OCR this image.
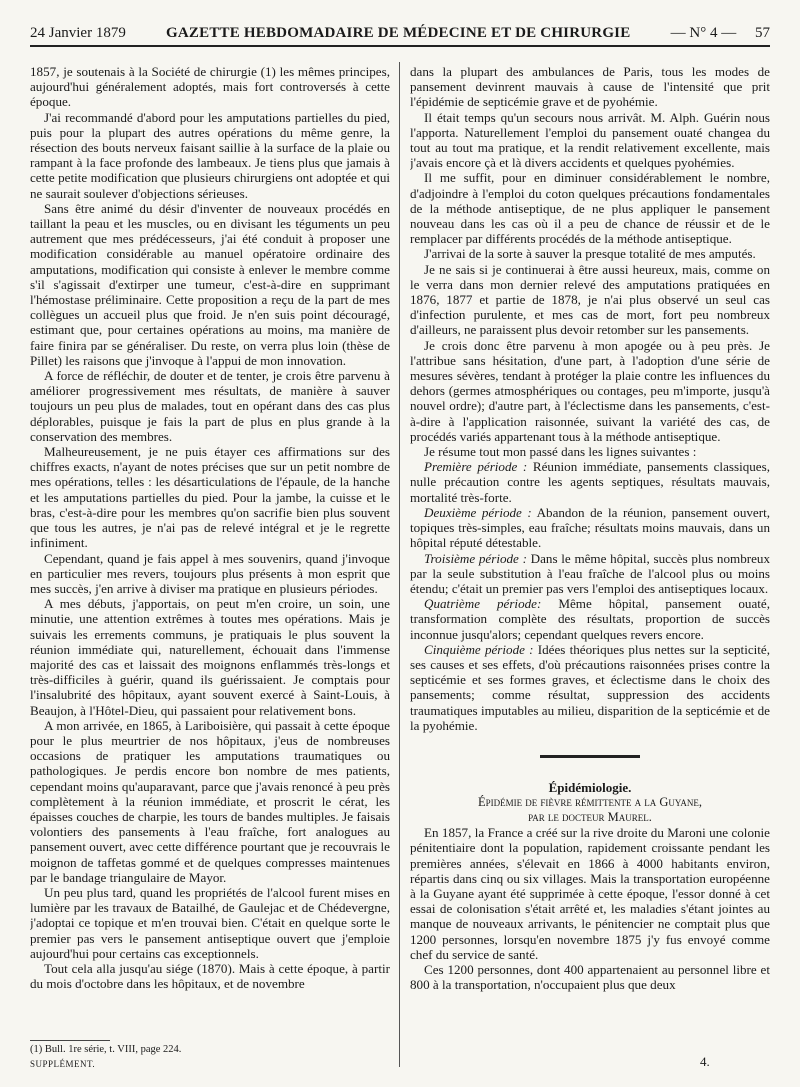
24 Janvier 1879	GAZETTE HEBDOMADAIRE DE MÉDECINE ET DE CHIRURGIE	— N° 4 — 57

1857, je soutenais à la Société de chirurgie (1) les mêmes principes, aujourd'hui généralement adoptés, mais fort controversés à cette époque.

J'ai recommandé d'abord pour les amputations partielles du pied, puis pour la plupart des autres opérations du même genre, la résection des bouts nerveux faisant saillie à la surface de la plaie ou rampant à la face profonde des lambeaux. Je tiens plus que jamais à cette petite modification que plusieurs chirurgiens ont adoptée et qui ne saurait soulever d'objections sérieuses.

Sans être animé du désir d'inventer de nouveaux procédés en taillant la peau et les muscles, ou en divisant les téguments un peu autrement que mes prédécesseurs, j'ai été conduit à proposer une modification considérable au manuel opératoire ordinaire des amputations, modification qui consiste à enlever le membre comme s'il s'agissait d'extirper une tumeur, c'est-à-dire en supprimant l'hémostase préliminaire. Cette proposition a reçu de la part de mes collègues un accueil plus que froid. Je n'en suis point découragé, estimant que, pour certaines opérations au moins, ma manière de faire finira par se généraliser. Du reste, on verra plus loin (thèse de Pillet) les raisons que j'invoque à l'appui de mon innovation.

A force de réfléchir, de douter et de tenter, je crois être parvenu à améliorer progressivement mes résultats, de manière à sauver toujours un peu plus de malades, tout en opérant dans des cas plus déplorables, puisque je fais la part de plus en plus grande à la conservation des membres.

Malheureusement, je ne puis étayer ces affirmations sur des chiffres exacts, n'ayant de notes précises que sur un petit nombre de mes opérations, telles : les désarticulations de l'épaule, de la hanche et les amputations partielles du pied. Pour la jambe, la cuisse et le bras, c'est-à-dire pour les membres qu'on sacrifie bien plus souvent que tous les autres, je n'ai pas de relevé intégral et je le regrette infiniment.

Cependant, quand je fais appel à mes souvenirs, quand j'invoque en particulier mes revers, toujours plus présents à mon esprit que mes succès, j'en arrive à diviser ma pratique en plusieurs périodes.

A mes débuts, j'apportais, on peut m'en croire, un soin, une minutie, une attention extrêmes à toutes mes opérations. Mais je suivais les errements communs, je pratiquais le plus souvent la réunion immédiate qui, naturellement, échouait dans l'immense majorité des cas et laissait des moignons enflammés très-longs et très-difficiles à guérir, quand ils guérissaient. Je comptais pour l'insalubrité des hôpitaux, ayant souvent exercé à Saint-Louis, à Beaujon, à l'Hôtel-Dieu, qui passaient pour relativement bons.

A mon arrivée, en 1865, à Lariboisière, qui passait à cette époque pour le plus meurtrier de nos hôpitaux, j'eus de nombreuses occasions de pratiquer les amputations traumatiques ou pathologiques. Je perdis encore bon nombre de mes patients, cependant moins qu'auparavant, parce que j'avais renoncé à peu près complètement à la réunion immédiate, et proscrit le cérat, les épaisses couches de charpie, les tours de bandes multiples. Je faisais volontiers des pansements à l'eau fraîche, fort analogues au pansement ouvert, avec cette différence pourtant que je recouvrais le moignon de taffetas gommé et de quelques compresses maintenues par le bandage triangulaire de Mayor.

Un peu plus tard, quand les propriétés de l'alcool furent mises en lumière par les travaux de Batailhé, de Gaulejac et de Chédevergne, j'adoptai ce topique et m'en trouvai bien. C'était en quelque sorte le premier pas vers le pansement antiseptique ouvert que j'emploie aujourd'hui pour certains cas exceptionnels.

Tout cela alla jusqu'au siége (1870). Mais à cette époque, à partir du mois d'octobre dans les hôpitaux, et de novembre

dans la plupart des ambulances de Paris, tous les modes de pansement devinrent mauvais à cause de l'intensité que prit l'épidémie de septicémie grave et de pyohémie.

Il était temps qu'un secours nous arrivât. M. Alph. Guérin nous l'apporta. Naturellement l'emploi du pansement ouaté changea du tout au tout ma pratique, et la rendit relativement excellente, mais j'avais encore çà et là divers accidents et quelques pyohémies.

Il me suffit, pour en diminuer considérablement le nombre, d'adjoindre à l'emploi du coton quelques précautions fondamentales de la méthode antiseptique, de ne plus appliquer le pansement nouveau dans les cas où il a peu de chance de réussir et de le remplacer par différents procédés de la méthode antiseptique.

J'arrivai de la sorte à sauver la presque totalité de mes amputés.

Je ne sais si je continuerai à être aussi heureux, mais, comme on le verra dans mon dernier relevé des amputations pratiquées en 1876, 1877 et partie de 1878, je n'ai plus observé un seul cas d'infection purulente, et mes cas de mort, fort peu nombreux d'ailleurs, ne paraissent plus devoir retomber sur les pansements.

Je crois donc être parvenu à mon apogée ou à peu près. Je l'attribue sans hésitation, d'une part, à l'adoption d'une série de mesures sévères, tendant à protéger la plaie contre les influences du dehors (germes atmosphériques ou contages, peu m'importe, jusqu'à nouvel ordre); d'autre part, à l'éclectisme dans les pansements, c'est-à-dire à l'application raisonnée, suivant la variété des cas, de procédés variés appartenant tous à la méthode antiseptique.

Je résume tout mon passé dans les lignes suivantes :

Première période : Réunion immédiate, pansements classiques, nulle précaution contre les agents septiques, résultats mauvais, mortalité très-forte.

Deuxième période : Abandon de la réunion, pansement ouvert, topiques très-simples, eau fraîche; résultats moins mauvais, dans un hôpital réputé détestable.

Troisième période : Dans le même hôpital, succès plus nombreux par la seule substitution à l'eau fraîche de l'alcool plus ou moins étendu; c'était un premier pas vers l'emploi des antiseptiques locaux.

Quatrième période: Même hôpital, pansement ouaté, transformation complète des résultats, proportion de succès inconnue jusqu'alors; cependant quelques revers encore.

Cinquième période : Idées théoriques plus nettes sur la septicité, ses causes et ses effets, d'où précautions raisonnées prises contre la septicémie et ses formes graves, et éclectisme dans le choix des pansements; comme résultat, suppression des accidents traumatiques imputables au milieu, disparition de la septicémie et de la pyohémie.

Épidémiologie.

Épidémie de fièvre rémittente a la Guyane,

par le docteur Maurel.

En 1857, la France a créé sur la rive droite du Maroni une colonie pénitentiaire dont la population, rapidement croissante pendant les premières années, s'élevait en 1866 à 4000 habitants environ, répartis dans cinq ou six villages. Mais la transportation européenne à la Guyane ayant été supprimée à cette époque, l'essor donné à cet essai de colonisation s'était arrêté et, les maladies s'étant jointes au manque de nouveaux arrivants, le pénitencier ne comptait plus que 1200 personnes, lorsqu'en novembre 1875 j'y fus envoyé comme chef du service de santé.

Ces 1200 personnes, dont 400 appartenaient au personnel libre et 800 à la transportation, n'occupaient plus que deux

(1) Bull. 1re série, t. VIII, page 224.
SUPPLÉMENT.	4.
